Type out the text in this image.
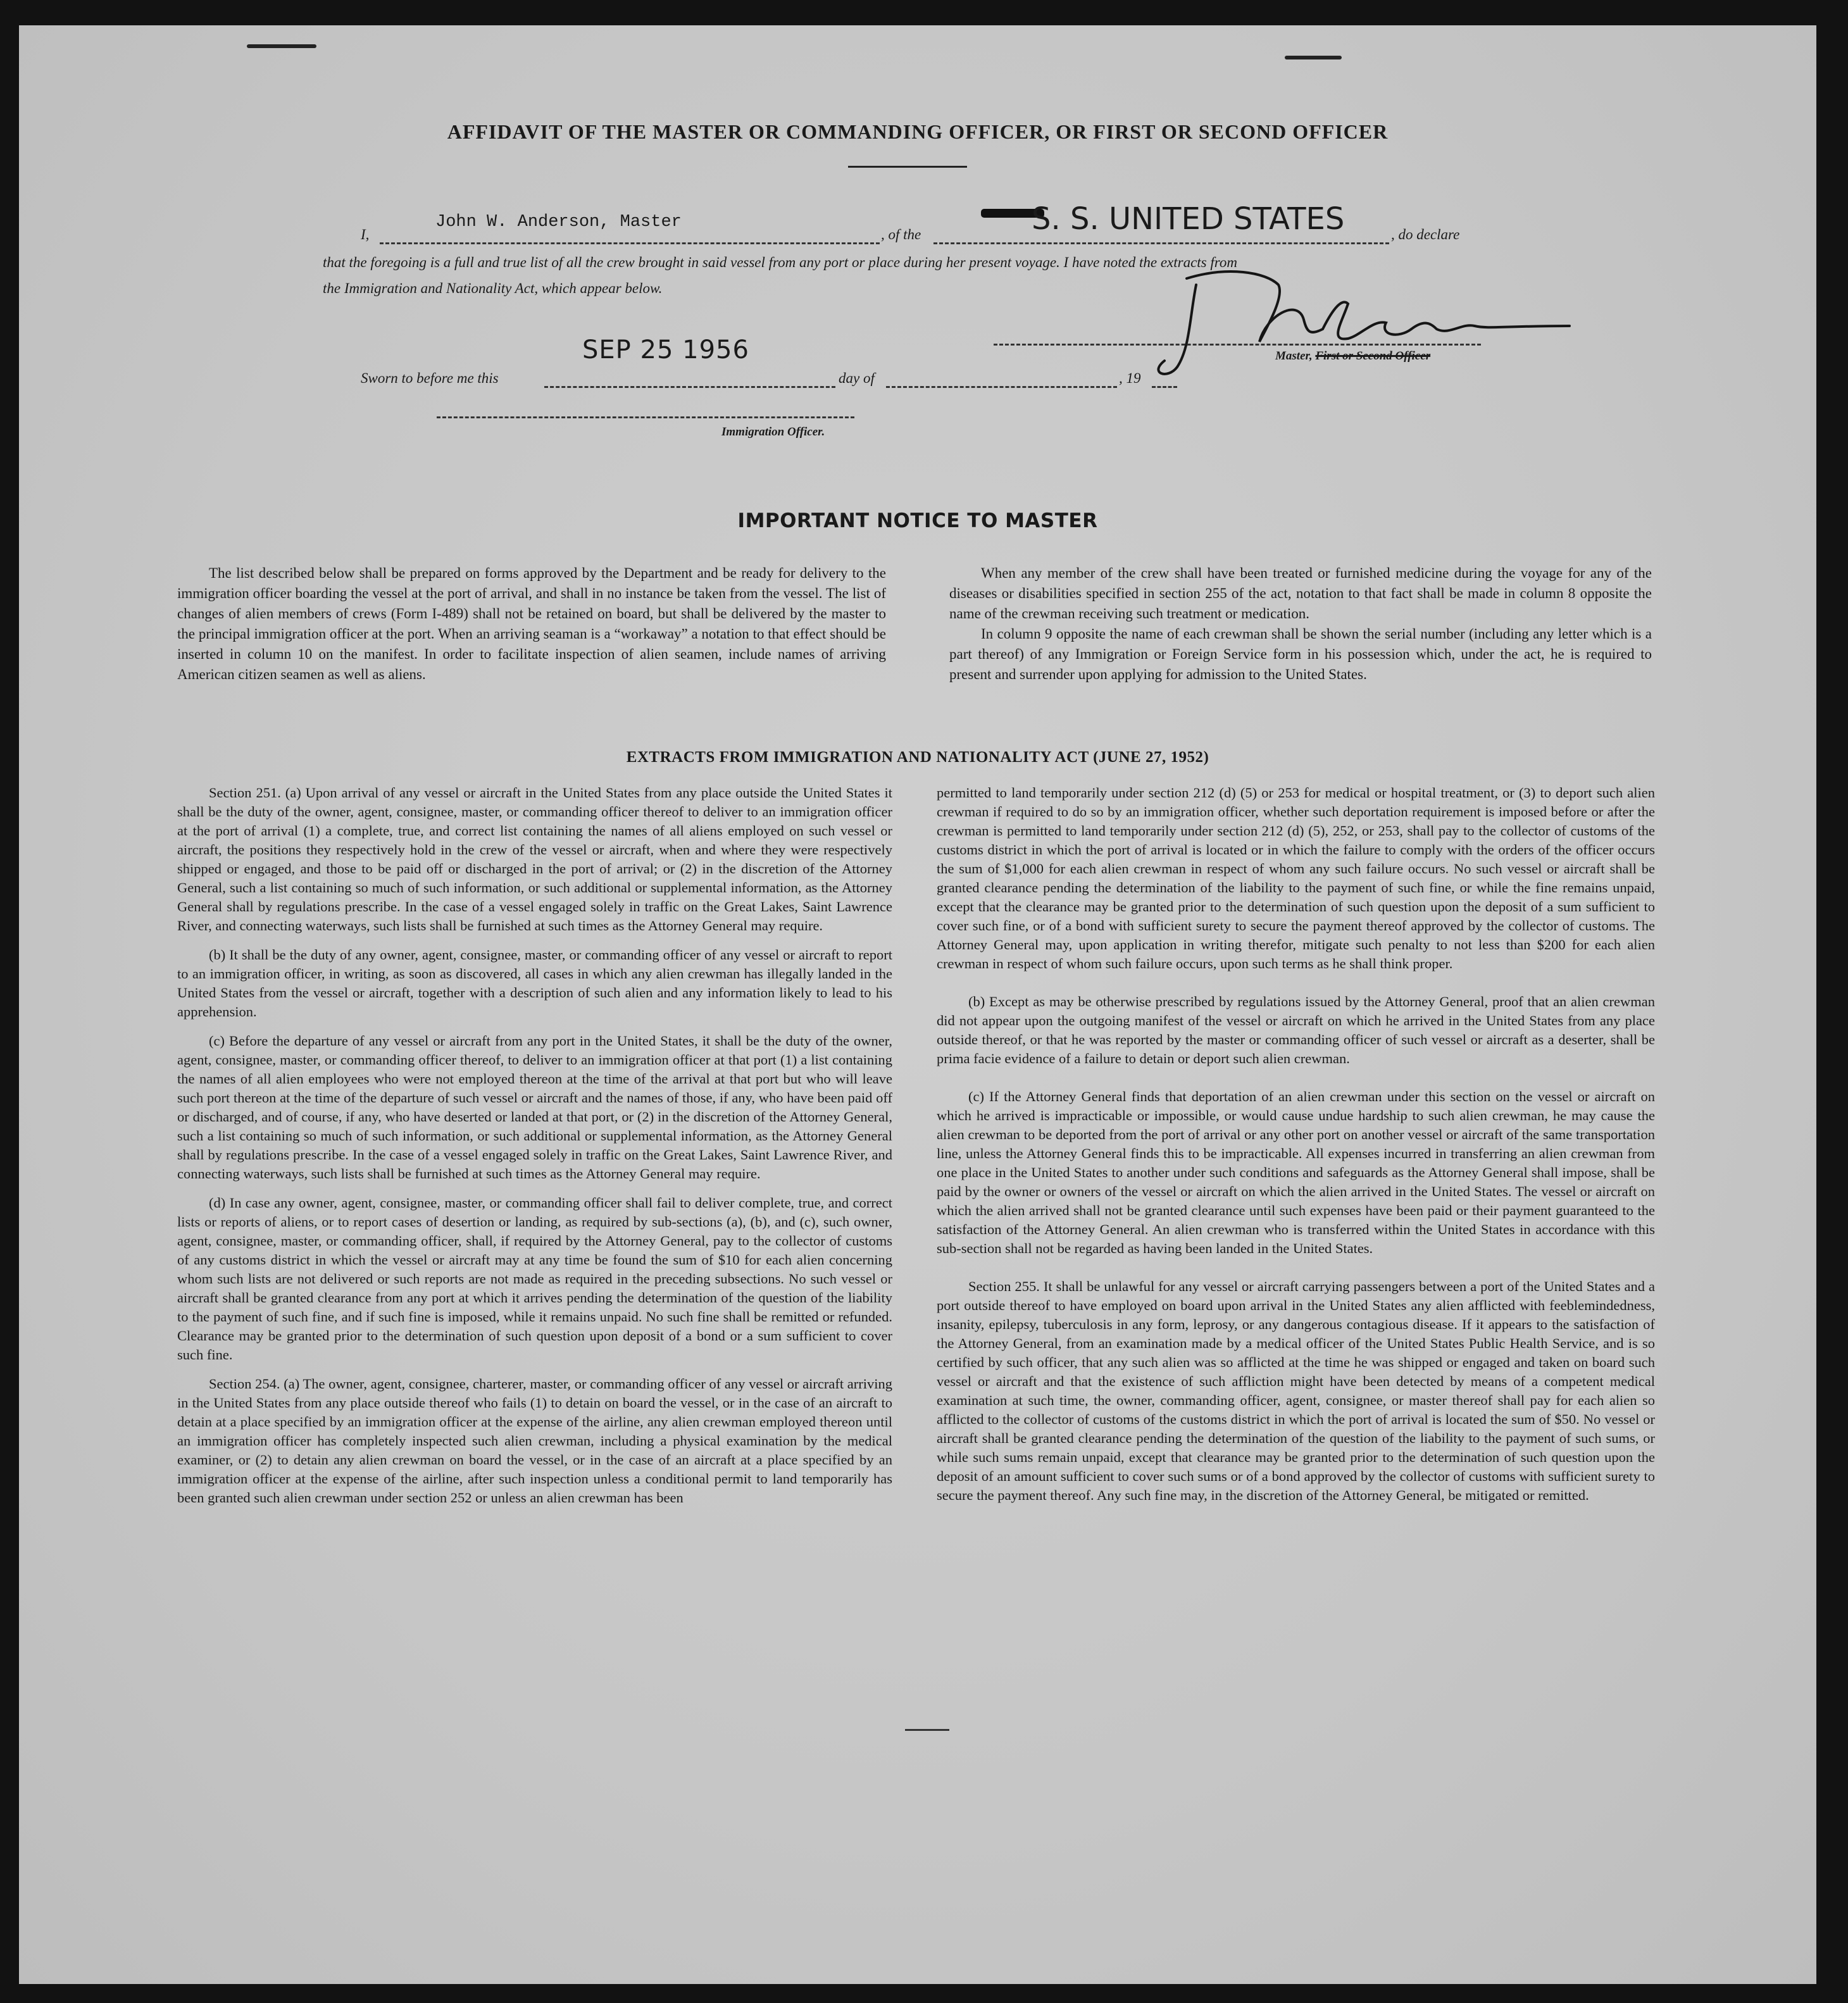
AFFIDAVIT OF THE MASTER OR COMMANDING OFFICER, OR FIRST OR SECOND OFFICER
I,
John W. Anderson, Master
, of the	S. S. UNITED STATES	, do declare
that the foregoing is a full and true list of all the crew brought in said vessel from any port or place during her present voyage. I have noted the extracts from
the Immigration and Nationality Act, which appear below.
Master, First or Second Officer
Sworn to before me this
SEP 25 1956
day of	, 19
Immigration Officer.
IMPORTANT NOTICE TO MASTER

The list described below shall be prepared on forms approved by the Department and be ready for delivery to the immigration officer boarding the vessel at the port of arrival, and shall in no instance be taken from the vessel. The list of changes of alien members of crews (Form I-489) shall not be retained on board, but shall be delivered by the master to the principal immigration officer at the port. When an arriving seaman is a “workaway” a notation to that effect should be inserted in column 10 on the manifest. In order to facilitate inspection of alien seamen, include names of arriving American citizen seamen as well as aliens.

When any member of the crew shall have been treated or furnished medicine during the voyage for any of the diseases or disabilities specified in section 255 of the act, notation to that fact shall be made in column 8 opposite the name of the crewman receiving such treatment or medication.

In column 9 opposite the name of each crewman shall be shown the serial number (including any letter which is a part thereof) of any Immigration or Foreign Service form in his possession which, under the act, he is required to present and surrender upon applying for admission to the United States.

EXTRACTS FROM IMMIGRATION AND NATIONALITY ACT (JUNE 27, 1952)

Section 251. (a) Upon arrival of any vessel or aircraft in the United States from any place outside the United States it shall be the duty of the owner, agent, consignee, master, or commanding officer thereof to deliver to an immigration officer at the port of arrival (1) a complete, true, and correct list containing the names of all aliens employed on such vessel or aircraft, the positions they respectively hold in the crew of the vessel or aircraft, when and where they were respectively shipped or engaged, and those to be paid off or discharged in the port of arrival; or (2) in the discretion of the Attorney General, such a list containing so much of such information, or such additional or supplemental information, as the Attorney General shall by regulations prescribe. In the case of a vessel engaged solely in traffic on the Great Lakes, Saint Lawrence River, and connecting waterways, such lists shall be furnished at such times as the Attorney General may require.

(b) It shall be the duty of any owner, agent, consignee, master, or commanding officer of any vessel or aircraft to report to an immigration officer, in writing, as soon as discovered, all cases in which any alien crewman has illegally landed in the United States from the vessel or aircraft, together with a description of such alien and any information likely to lead to his apprehension.

(c) Before the departure of any vessel or aircraft from any port in the United States, it shall be the duty of the owner, agent, consignee, master, or commanding officer thereof, to deliver to an immigration officer at that port (1) a list containing the names of all alien employees who were not employed thereon at the time of the arrival at that port but who will leave such port thereon at the time of the departure of such vessel or aircraft and the names of those, if any, who have been paid off or discharged, and of course, if any, who have deserted or landed at that port, or (2) in the discretion of the Attorney General, such a list containing so much of such information, or such additional or supplemental information, as the Attorney General shall by regulations prescribe. In the case of a vessel engaged solely in traffic on the Great Lakes, Saint Lawrence River, and connecting waterways, such lists shall be furnished at such times as the Attorney General may require.

(d) In case any owner, agent, consignee, master, or commanding officer shall fail to deliver complete, true, and correct lists or reports of aliens, or to report cases of desertion or landing, as required by sub-sections (a), (b), and (c), such owner, agent, consignee, master, or commanding officer, shall, if required by the Attorney General, pay to the collector of customs of any customs district in which the vessel or aircraft may at any time be found the sum of $10 for each alien concerning whom such lists are not delivered or such reports are not made as required in the preceding subsections. No such vessel or aircraft shall be granted clearance from any port at which it arrives pending the determination of the question of the liability to the payment of such fine, and if such fine is imposed, while it remains unpaid. No such fine shall be remitted or refunded. Clearance may be granted prior to the determination of such question upon deposit of a bond or a sum sufficient to cover such fine.

Section 254. (a) The owner, agent, consignee, charterer, master, or commanding officer of any vessel or aircraft arriving in the United States from any place outside thereof who fails (1) to detain on board the vessel, or in the case of an aircraft to detain at a place specified by an immigration officer at the expense of the airline, any alien crewman employed thereon until an immigration officer has completely inspected such alien crewman, including a physical examination by the medical examiner, or (2) to detain any alien crewman on board the vessel, or in the case of an aircraft at a place specified by an immigration officer at the expense of the airline, after such inspection unless a conditional permit to land temporarily has been granted such alien crewman under section 252 or unless an alien crewman has been

permitted to land temporarily under section 212 (d) (5) or 253 for medical or hospital treatment, or (3) to deport such alien crewman if required to do so by an immigration officer, whether such deportation requirement is imposed before or after the crewman is permitted to land temporarily under section 212 (d) (5), 252, or 253, shall pay to the collector of customs of the customs district in which the port of arrival is located or in which the failure to comply with the orders of the officer occurs the sum of $1,000 for each alien crewman in respect of whom any such failure occurs. No such vessel or aircraft shall be granted clearance pending the determination of the liability to the payment of such fine, or while the fine remains unpaid, except that the clearance may be granted prior to the determination of such question upon the deposit of a sum sufficient to cover such fine, or of a bond with sufficient surety to secure the payment thereof approved by the collector of customs. The Attorney General may, upon application in writing therefor, mitigate such penalty to not less than $200 for each alien crewman in respect of whom such failure occurs, upon such terms as he shall think proper.

(b) Except as may be otherwise prescribed by regulations issued by the Attorney General, proof that an alien crewman did not appear upon the outgoing manifest of the vessel or aircraft on which he arrived in the United States from any place outside thereof, or that he was reported by the master or commanding officer of such vessel or aircraft as a deserter, shall be prima facie evidence of a failure to detain or deport such alien crewman.

(c) If the Attorney General finds that deportation of an alien crewman under this section on the vessel or aircraft on which he arrived is impracticable or impossible, or would cause undue hardship to such alien crewman, he may cause the alien crewman to be deported from the port of arrival or any other port on another vessel or aircraft of the same transportation line, unless the Attorney General finds this to be impracticable. All expenses incurred in transferring an alien crewman from one place in the United States to another under such conditions and safeguards as the Attorney General shall impose, shall be paid by the owner or owners of the vessel or aircraft on which the alien arrived in the United States. The vessel or aircraft on which the alien arrived shall not be granted clearance until such expenses have been paid or their payment guaranteed to the satisfaction of the Attorney General. An alien crewman who is transferred within the United States in accordance with this sub-section shall not be regarded as having been landed in the United States.

Section 255. It shall be unlawful for any vessel or aircraft carrying passengers between a port of the United States and a port outside thereof to have employed on board upon arrival in the United States any alien afflicted with feeblemindedness, insanity, epilepsy, tuberculosis in any form, leprosy, or any dangerous contagious disease. If it appears to the satisfaction of the Attorney General, from an examination made by a medical officer of the United States Public Health Service, and is so certified by such officer, that any such alien was so afflicted at the time he was shipped or engaged and taken on board such vessel or aircraft and that the existence of such affliction might have been detected by means of a competent medical examination at such time, the owner, commanding officer, agent, consignee, or master thereof shall pay for each alien so afflicted to the collector of customs of the customs district in which the port of arrival is located the sum of $50. No vessel or aircraft shall be granted clearance pending the determination of the question of the liability to the payment of such sums, or while such sums remain unpaid, except that clearance may be granted prior to the determination of such question upon the deposit of an amount sufficient to cover such sums or of a bond approved by the collector of customs with sufficient surety to secure the payment thereof. Any such fine may, in the discretion of the Attorney General, be mitigated or remitted.
